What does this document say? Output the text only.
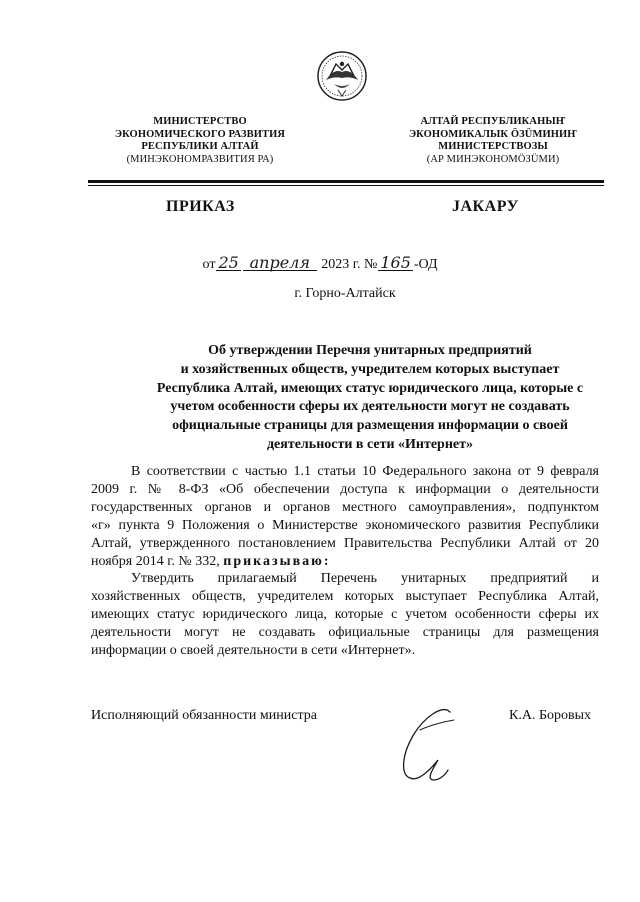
МИНИСТЕРСТВО
ЭКОНОМИЧЕСКОГО РАЗВИТИЯ
РЕСПУБЛИКИ АЛТАЙ
(МИНЭКОНОМРАЗВИТИЯ РА)
АЛТАЙ РЕСПУБЛИКАНЫҤ
ЭКОНОМИКАЛЫК ÖЗÜМИНИҤ
МИНИСТЕРСТВОЗЫ
(АР МИНЭКОНОМÖЗÜМИ)
ПРИКАЗ	JАКАРУ
от 25 апреля 2023 г. № 165 -ОД
г. Горно-Алтайск
Об утверждении Перечня унитарных предприятий
и хозяйственных обществ, учредителем которых выступает
Республика Алтай, имеющих статус юридического лица, которые с
учетом особенности сферы их деятельности могут не создавать
официальные страницы для размещения информации о своей
деятельности в сети «Интернет»
В соответствии с частью 1.1 статьи 10 Федерального закона от 9 февраля
2009 г. № 8-ФЗ «Об обеспечении доступа к информации о деятельности
государственных органов и органов местного самоуправления», подпунктом
«г» пункта 9 Положения о Министерстве экономического развития Республики
Алтай, утвержденного постановлением Правительства Республики Алтай от 20
ноября 2014 г. № 332, приказываю:
Утвердить прилагаемый Перечень унитарных предприятий и
хозяйственных обществ, учредителем которых выступает Республика Алтай,
имеющих статус юридического лица, которые с учетом особенности сферы их
деятельности могут не создавать официальные страницы для размещения
информации о своей деятельности в сети «Интернет».
Исполняющий обязанности министра	К.А. Боровых
